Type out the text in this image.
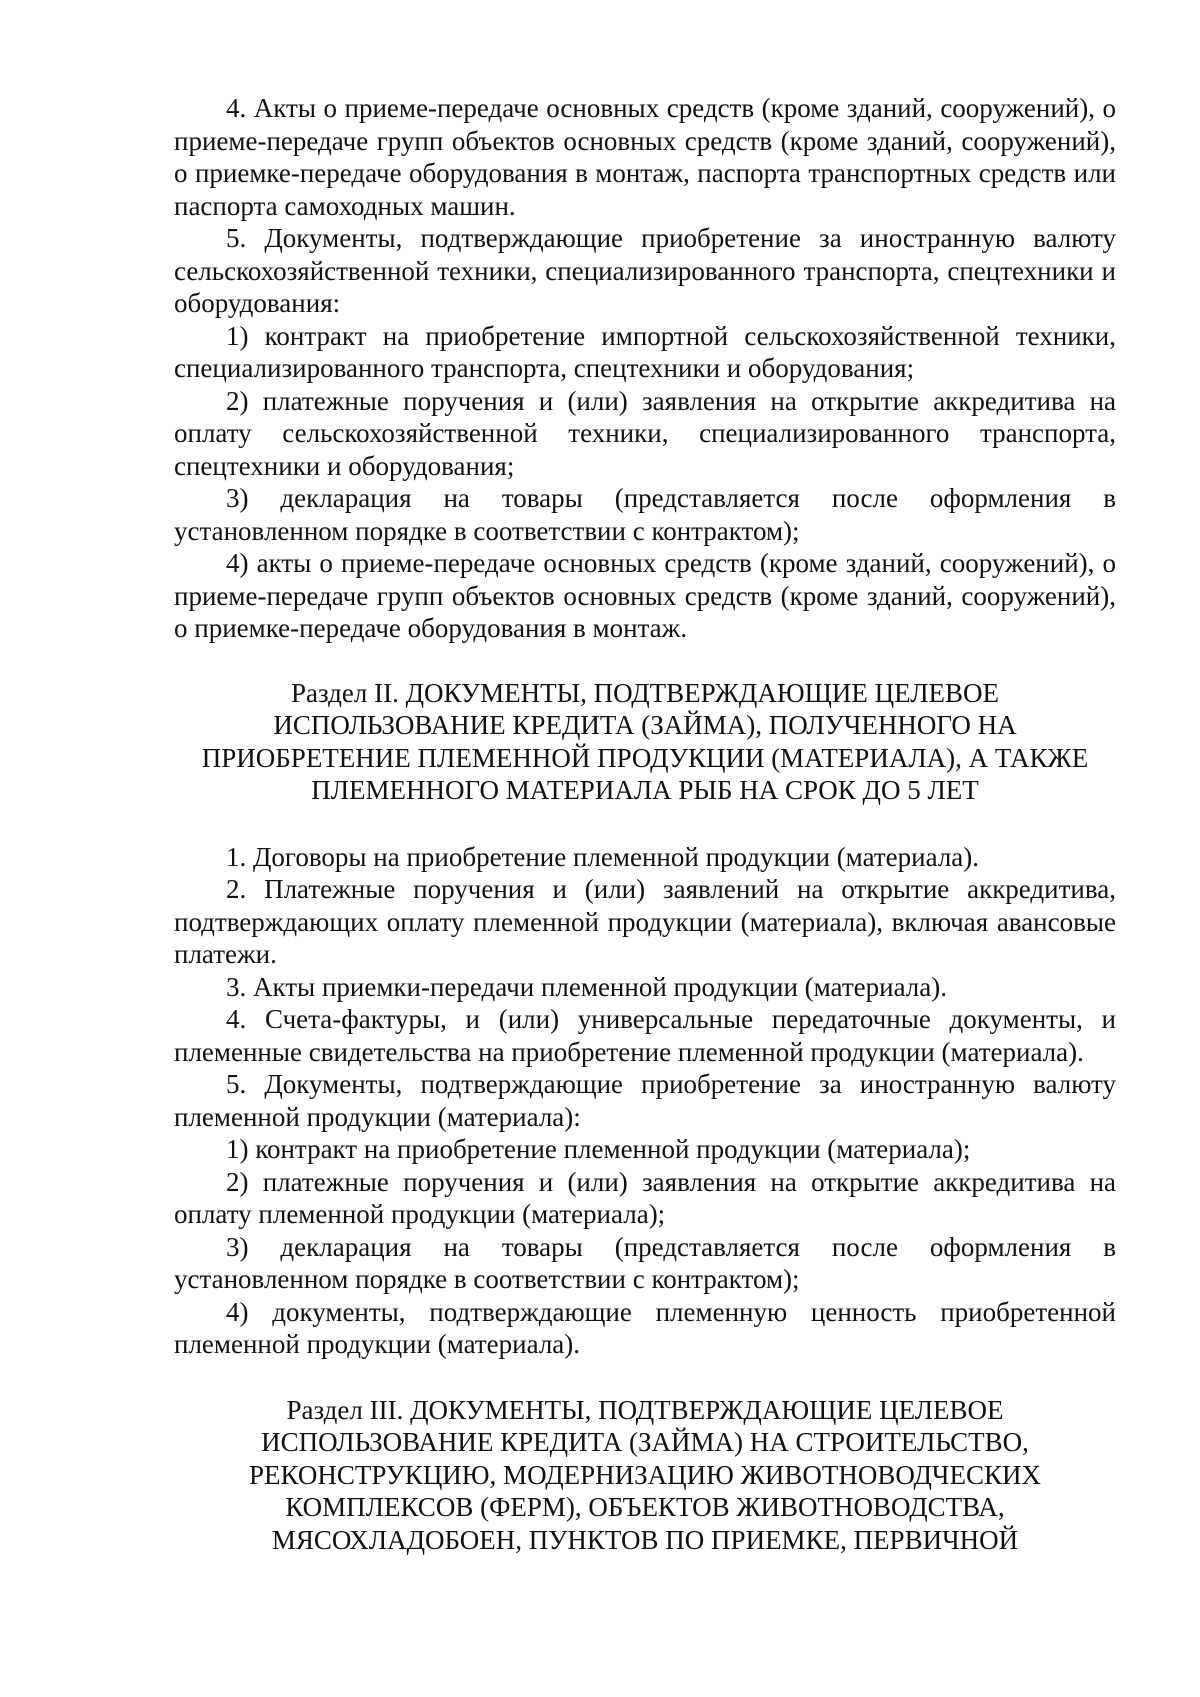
4. Акты о приеме-передаче основных средств (кроме зданий, сооружений), о приеме-передаче групп объектов основных средств (кроме зданий, сооружений), о приемке-передаче оборудования в монтаж, паспорта транспортных средств или паспорта самоходных машин.

5. Документы, подтверждающие приобретение за иностранную валюту сельскохозяйственной техники, специализированного транспорта, спецтехники и оборудования:

1) контракт на приобретение импортной сельскохозяйственной техники, специализированного транспорта, спецтехники и оборудования;

2) платежные поручения и (или) заявления на открытие аккредитива на оплату сельскохозяйственной техники, специализированного транспорта, спецтехники и оборудования;

3) декларация на товары (представляется после оформления в установленном порядке в соответствии с контрактом);

4) акты о приеме-передаче основных средств (кроме зданий, сооружений), о приеме-передаче групп объектов основных средств (кроме зданий, сооружений), о приемке-передаче оборудования в монтаж.

Раздел II. ДОКУМЕНТЫ, ПОДТВЕРЖДАЮЩИЕ ЦЕЛЕВОЕ ИСПОЛЬЗОВАНИЕ КРЕДИТА (ЗАЙМА), ПОЛУЧЕННОГО НА ПРИОБРЕТЕНИЕ ПЛЕМЕННОЙ ПРОДУКЦИИ (МАТЕРИАЛА), А ТАКЖЕ ПЛЕМЕННОГО МАТЕРИАЛА РЫБ НА СРОК ДО 5 ЛЕТ

1. Договоры на приобретение племенной продукции (материала).

2. Платежные поручения и (или) заявлений на открытие аккредитива, подтверждающих оплату племенной продукции (материала), включая авансовые платежи.

3. Акты приемки-передачи племенной продукции (материала).

4. Счета-фактуры, и (или) универсальные передаточные документы, и племенные свидетельства на приобретение племенной продукции (материала).

5. Документы, подтверждающие приобретение за иностранную валюту племенной продукции (материала):

1) контракт на приобретение племенной продукции (материала);

2) платежные поручения и (или) заявления на открытие аккредитива на оплату племенной продукции (материала);

3) декларация на товары (представляется после оформления в установленном порядке в соответствии с контрактом);

4) документы, подтверждающие племенную ценность приобретенной племенной продукции (материала).

Раздел III. ДОКУМЕНТЫ, ПОДТВЕРЖДАЮЩИЕ ЦЕЛЕВОЕ ИСПОЛЬЗОВАНИЕ КРЕДИТА (ЗАЙМА) НА СТРОИТЕЛЬСТВО, РЕКОНСТРУКЦИЮ, МОДЕРНИЗАЦИЮ ЖИВОТНОВОДЧЕСКИХ КОМПЛЕКСОВ (ФЕРМ), ОБЪЕКТОВ ЖИВОТНОВОДСТВА, МЯСОХЛАДОБОЕН, ПУНКТОВ ПО ПРИЕМКЕ, ПЕРВИЧНОЙ
